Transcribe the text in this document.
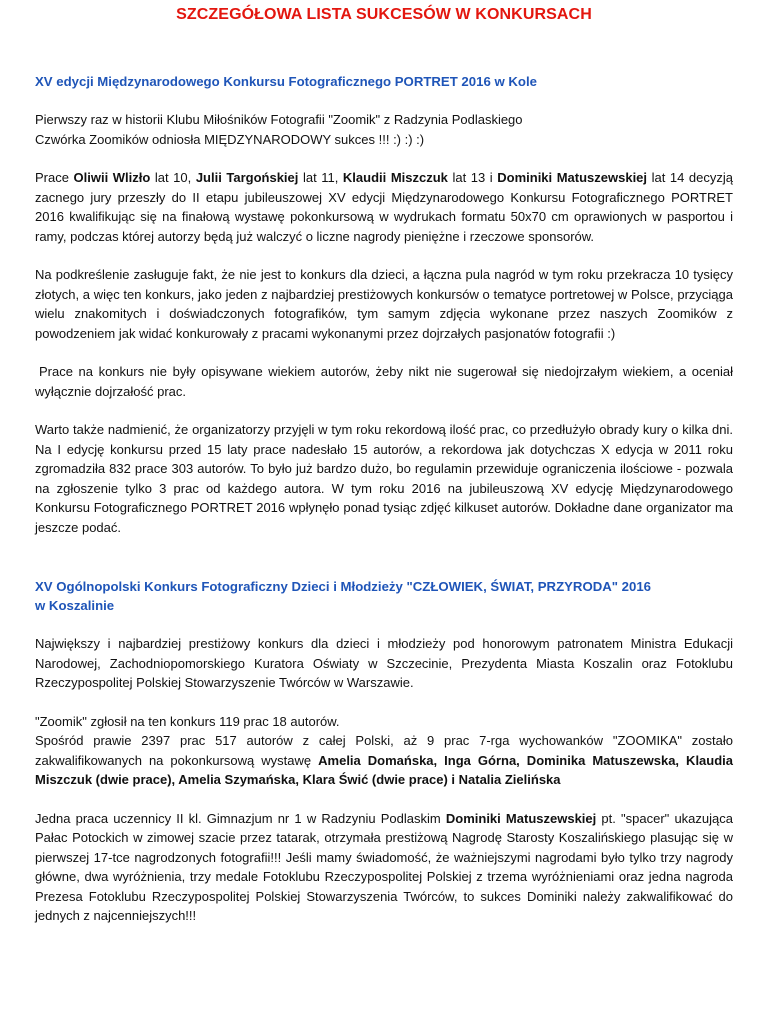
SZCZEGÓŁOWA LISTA SUKCESÓW W KONKURSACH
XV edycji Międzynarodowego Konkursu Fotograficznego PORTRET 2016 w Kole

Pierwszy raz w historii Klubu Miłośników Fotografii "Zoomik" z Radzynia Podlaskiego

Czwórka Zoomików odniosła MIĘDZYNARODOWY sukces !!! :) :) :)

Prace Oliwii Wlizło lat 10, Julii Targońskiej lat 11, Klaudii Miszczuk lat 13 i Dominiki Matuszewskiej lat 14 decyzją zacnego jury przeszły do II etapu jubileuszowej XV edycji Międzynarodowego Konkursu Fotograficznego PORTRET 2016 kwalifikując się na finałową wystawę pokonkursową w wydrukach formatu 50x70 cm oprawionych w pasportou i ramy, podczas której autorzy będą już walczyć o liczne nagrody pieniężne i rzeczowe sponsorów.

Na podkreślenie zasługuje fakt, że nie jest to konkurs dla dzieci, a łączna pula nagród w tym roku przekracza 10 tysięcy złotych, a więc ten konkurs, jako jeden z najbardziej prestiżowych konkursów o tematyce portretowej w Polsce, przyciąga wielu znakomitych i doświadczonych fotografików, tym samym zdjęcia wykonane przez naszych Zoomików z powodzeniem jak widać konkurowały z pracami wykonanymi przez dojrzałych pasjonatów fotografii :)

Prace na konkurs nie były opisywane wiekiem autorów, żeby nikt nie sugerował się niedojrzałym wiekiem, a oceniał wyłącznie dojrzałość prac.

Warto także nadmienić, że organizatorzy przyjęli w tym roku rekordową ilość prac, co przedłużyło obrady kury o kilka dni. Na I edycję konkursu przed 15 laty prace nadesłało 15 autorów, a rekordowa jak dotychczas X edycja w 2011 roku zgromadziła 832 prace 303 autorów. To było już bardzo dużo, bo regulamin przewiduje ograniczenia ilościowe - pozwala na zgłoszenie tylko 3 prac od każdego autora. W tym roku 2016 na jubileuszową XV edycję Międzynarodowego Konkursu Fotograficznego PORTRET 2016 wpłynęło ponad tysiąc zdjęć kilkuset autorów. Dokładne dane organizator ma jeszcze podać.

XV Ogólnopolski Konkurs Fotograficzny Dzieci i Młodzieży "CZŁOWIEK, ŚWIAT, PRZYRODA" 2016
w Koszalinie

Największy i najbardziej prestiżowy konkurs dla dzieci i młodzieży pod honorowym patronatem Ministra Edukacji Narodowej, Zachodniopomorskiego Kuratora Oświaty w Szczecinie, Prezydenta Miasta Koszalin oraz Fotoklubu Rzeczypospolitej Polskiej Stowarzyszenie Twórców w Warszawie.

"Zoomik" zgłosił na ten konkurs 119 prac 18 autorów.

Spośród prawie 2397 prac 517 autorów z całej Polski, aż 9 prac 7-rga wychowanków "ZOOMIKA" zostało zakwalifikowanych na pokonkursową wystawę Amelia Domańska, Inga Górna, Dominika Matuszewska, Klaudia Miszczuk (dwie prace), Amelia Szymańska, Klara Świć (dwie prace) i Natalia Zielińska

Jedna praca uczennicy II kl. Gimnazjum nr 1 w Radzyniu Podlaskim Dominiki Matuszewskiej pt. "spacer" ukazująca Pałac Potockich w zimowej szacie przez tatarak, otrzymała prestiżową Nagrodę Starosty Koszalińskiego plasując się w pierwszej 17-tce nagrodzonych fotografii!!! Jeśli mamy świadomość, że ważniejszymi nagrodami było tylko trzy nagrody główne, dwa wyróżnienia, trzy medale Fotoklubu Rzeczypospolitej Polskiej z trzema wyróżnieniami oraz jedna nagroda Prezesa Fotoklubu Rzeczypospolitej Polskiej Stowarzyszenia Twórców, to sukces Dominiki należy zakwalifikować do jednych z najcenniejszych!!!
